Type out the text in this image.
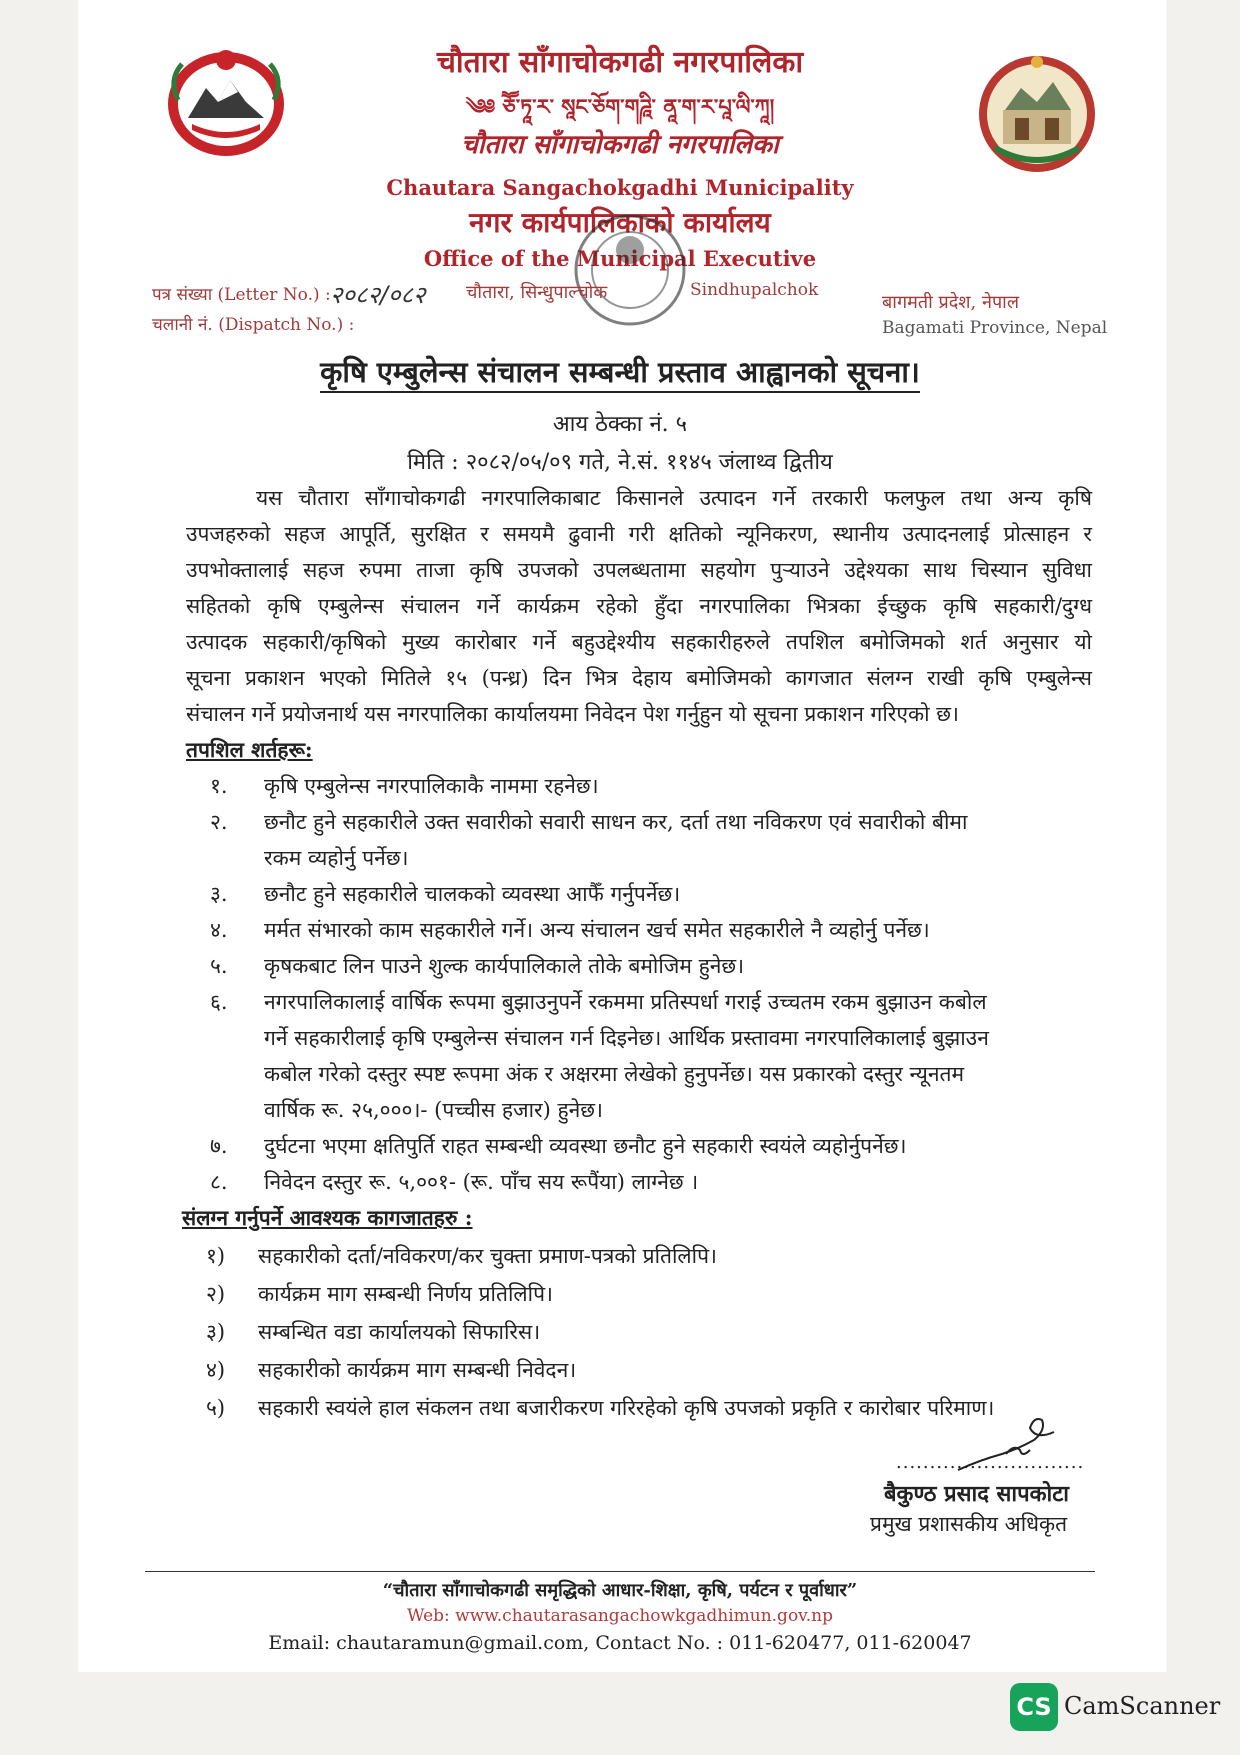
चौतारा साँगाचोकगढी नगरपालिका
༄༅ ཅཽ་ཏཱ་ར་ སཱང་ཅོག་གཌཱི་ ནཱ་ག་ར་པཱ་ལི་ཀཱ།
चौतारा साँगाचोकगढी नगरपालिका
Chautara Sangachokgadhi Municipality
नगर कार्यपालिकाको कार्यालय
Office of the Municipal Executive
पत्र संख्या (Letter No.) : २०८२/०८२
चलानी नं. (Dispatch No.) :
चौतारा, सिन्धुपाल्चोक	Sindhupalchok
बागमती प्रदेश, नेपाल
Bagamati Province, Nepal
कृषि एम्बुलेन्स संचालन सम्बन्धी प्रस्ताव आह्वानको सूचना।
आय ठेक्का नं. ५
मिति : २०८२/०५/०९ गते, ने.सं. ११४५ जंलाथ्व द्वितीय
यस चौतारा साँगाचोकगढी नगरपालिकाबाट किसानले उत्पादन गर्ने तरकारी फलफुल तथा अन्य कृषि
उपजहरुको सहज आपूर्ति, सुरक्षित र समयमै ढुवानी गरी क्षतिको न्यूनिकरण, स्थानीय उत्पादनलाई प्रोत्साहन र
उपभोक्तालाई सहज रुपमा ताजा कृषि उपजको उपलब्धतामा सहयोग पुर्‍याउने उद्देश्यका साथ चिस्यान सुविधा
सहितको कृषि एम्बुलेन्स संचालन गर्ने कार्यक्रम रहेको हुँदा नगरपालिका भित्रका ईच्छुक कृषि सहकारी/दुग्ध
उत्पादक सहकारी/कृषिको मुख्य कारोबार गर्ने बहुउद्देश्यीय सहकारीहरुले तपशिल बमोजिमको शर्त अनुसार यो
सूचना प्रकाशन भएको मितिले १५ (पन्ध्र) दिन भित्र देहाय बमोजिमको कागजात संलग्न राखी कृषि एम्बुलेन्स
संचालन गर्ने प्रयोजनार्थ यस नगरपालिका कार्यालयमा निवेदन पेश गर्नुहुन यो सूचना प्रकाशन गरिएको छ।
तपशिल शर्तहरू:
१.	कृषि एम्बुलेन्स नगरपालिकाकै नाममा रहनेछ।
२.	छनौट हुने सहकारीले उक्त सवारीको सवारी साधन कर, दर्ता तथा नविकरण एवं सवारीको बीमा
रकम व्यहोर्नु पर्नेछ।
३.	छनौट हुने सहकारीले चालकको व्यवस्था आफैँ गर्नुपर्नेछ।
४.	मर्मत संभारको काम सहकारीले गर्ने। अन्य संचालन खर्च समेत सहकारीले नै व्यहोर्नु पर्नेछ।
५.	कृषकबाट लिन पाउने शुल्क कार्यपालिकाले तोके बमोजिम हुनेछ।
६.	नगरपालिकालाई वार्षिक रूपमा बुझाउनुपर्ने रकममा प्रतिस्पर्धा गराई उच्चतम रकम बुझाउन कबोल
गर्ने सहकारीलाई कृषि एम्बुलेन्स संचालन गर्न दिइनेछ। आर्थिक प्रस्तावमा नगरपालिकालाई बुझाउन
कबोल गरेको दस्तुर स्पष्ट रूपमा अंक र अक्षरमा लेखेको हुनुपर्नेछ। यस प्रकारको दस्तुर न्यूनतम
वार्षिक रू. २५,०००।- (पच्चीस हजार) हुनेछ।
७.	दुर्घटना भएमा क्षतिपुर्ति राहत सम्बन्धी व्यवस्था छनौट हुने सहकारी स्वयंले व्यहोर्नुपर्नेछ।
८.	निवेदन दस्तुर रू. ५,००१- (रू. पाँच सय रूपैंया) लाग्नेछ ।
संलग्न गर्नुपर्ने आवश्यक कागजातहरु :
१)	सहकारीको दर्ता/नविकरण/कर चुक्ता प्रमाण-पत्रको प्रतिलिपि।
२)	कार्यक्रम माग सम्बन्धी निर्णय प्रतिलिपि।
३)	सम्बन्धित वडा कार्यालयको सिफारिस।
४)	सहकारीको कार्यक्रम माग सम्बन्धी निवेदन।
५)	सहकारी स्वयंले हाल संकलन तथा बजारीकरण गरिरहेको कृषि उपजको प्रकृति र कारोबार परिमाण।
............................
बैकुण्ठ प्रसाद सापकोटा
प्रमुख प्रशासकीय अधिकृत
“चौतारा साँगाचोकगढी समृद्धिको आधार-शिक्षा, कृषि, पर्यटन र पूर्वाधार”
Web: www.chautarasangachowkgadhimun.gov.np
Email: chautaramun@gmail.com, Contact No. : 011-620477, 011-620047
CS CamScanner
